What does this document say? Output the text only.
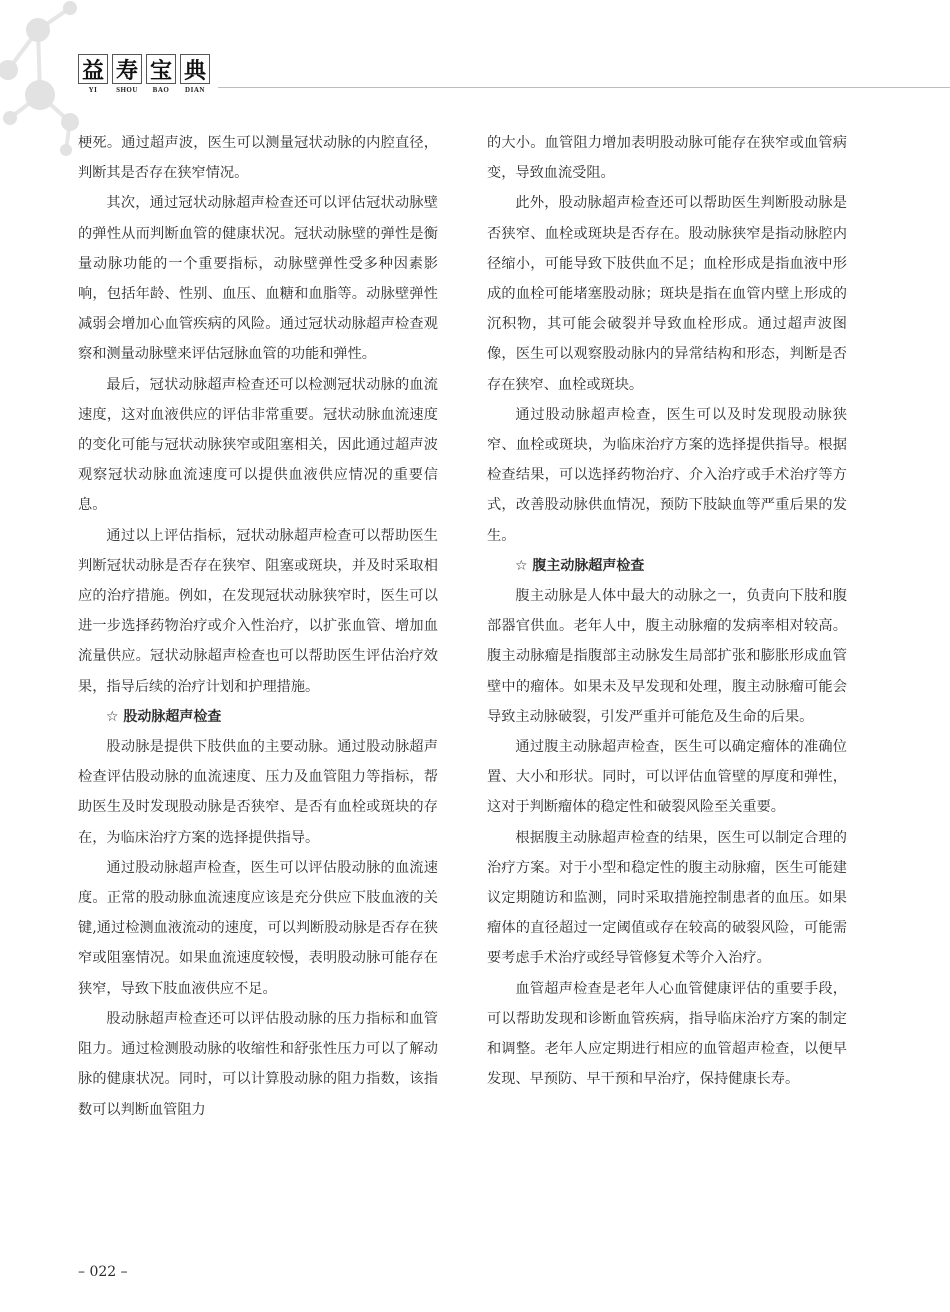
益 寿 宝 典
YI	SHOU	BAO	DIAN

梗死。通过超声波，医生可以测量冠状动脉的内腔直径，判断其是否存在狭窄情况。

其次，通过冠状动脉超声检查还可以评估冠状动脉壁的弹性从而判断血管的健康状况。冠状动脉壁的弹性是衡量动脉功能的一个重要指标，动脉壁弹性受多种因素影响，包括年龄、性别、血压、血糖和血脂等。动脉壁弹性减弱会增加心血管疾病的风险。通过冠状动脉超声检查观察和测量动脉壁来评估冠脉血管的功能和弹性。

最后，冠状动脉超声检查还可以检测冠状动脉的血流速度，这对血液供应的评估非常重要。冠状动脉血流速度的变化可能与冠状动脉狭窄或阻塞相关，因此通过超声波观察冠状动脉血流速度可以提供血液供应情况的重要信息。

通过以上评估指标，冠状动脉超声检查可以帮助医生判断冠状动脉是否存在狭窄、阻塞或斑块，并及时采取相应的治疗措施。例如，在发现冠状动脉狭窄时，医生可以进一步选择药物治疗或介入性治疗，以扩张血管、增加血流量供应。冠状动脉超声检查也可以帮助医生评估治疗效果，指导后续的治疗计划和护理措施。

☆ 股动脉超声检查

股动脉是提供下肢供血的主要动脉。通过股动脉超声检查评估股动脉的血流速度、压力及血管阻力等指标，帮助医生及时发现股动脉是否狭窄、是否有血栓或斑块的存在，为临床治疗方案的选择提供指导。

通过股动脉超声检查，医生可以评估股动脉的血流速度。正常的股动脉血流速度应该是充分供应下肢血液的关键,通过检测血液流动的速度，可以判断股动脉是否存在狭窄或阻塞情况。如果血流速度较慢，表明股动脉可能存在狭窄，导致下肢血液供应不足。

股动脉超声检查还可以评估股动脉的压力指标和血管阻力。通过检测股动脉的收缩性和舒张性压力可以了解动脉的健康状况。同时，可以计算股动脉的阻力指数，该指数可以判断血管阻力

的大小。血管阻力增加表明股动脉可能存在狭窄或血管病变，导致血流受阻。

此外，股动脉超声检查还可以帮助医生判断股动脉是否狭窄、血栓或斑块是否存在。股动脉狭窄是指动脉腔内径缩小，可能导致下肢供血不足；血栓形成是指血液中形成的血栓可能堵塞股动脉；斑块是指在血管内壁上形成的沉积物，其可能会破裂并导致血栓形成。通过超声波图像，医生可以观察股动脉内的异常结构和形态，判断是否存在狭窄、血栓或斑块。

通过股动脉超声检查，医生可以及时发现股动脉狭窄、血栓或斑块，为临床治疗方案的选择提供指导。根据检查结果，可以选择药物治疗、介入治疗或手术治疗等方式，改善股动脉供血情况，预防下肢缺血等严重后果的发生。

☆ 腹主动脉超声检查

腹主动脉是人体中最大的动脉之一，负责向下肢和腹部器官供血。老年人中，腹主动脉瘤的发病率相对较高。腹主动脉瘤是指腹部主动脉发生局部扩张和膨胀形成血管壁中的瘤体。如果未及早发现和处理，腹主动脉瘤可能会导致主动脉破裂，引发严重并可能危及生命的后果。

通过腹主动脉超声检查，医生可以确定瘤体的准确位置、大小和形状。同时，可以评估血管壁的厚度和弹性，这对于判断瘤体的稳定性和破裂风险至关重要。

根据腹主动脉超声检查的结果，医生可以制定合理的治疗方案。对于小型和稳定性的腹主动脉瘤，医生可能建议定期随访和监测，同时采取措施控制患者的血压。如果瘤体的直径超过一定阈值或存在较高的破裂风险，可能需要考虑手术治疗或经导管修复术等介入治疗。

血管超声检查是老年人心血管健康评估的重要手段，可以帮助发现和诊断血管疾病，指导临床治疗方案的制定和调整。老年人应定期进行相应的血管超声检查，以便早发现、早预防、早干预和早治疗，保持健康长寿。

– 022 –
